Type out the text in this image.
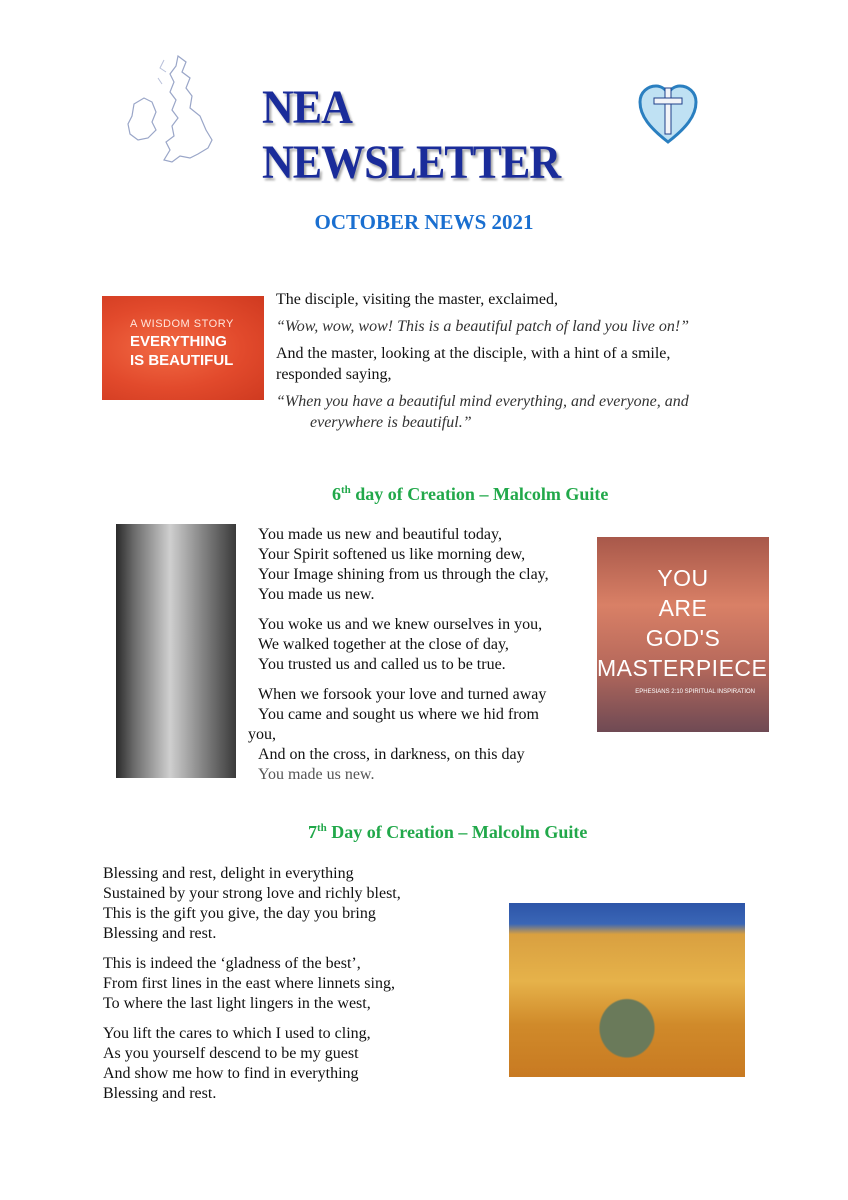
NEA NEWSLETTER
OCTOBER NEWS 2021
A WISDOM STORY
EVERYTHING
IS BEAUTIFUL

The disciple, visiting the master, exclaimed,

“Wow, wow, wow! This is a beautiful patch of land you live on!”

And the master, looking at the disciple, with a hint of a smile, responded saying,

“When you have a beautiful mind everything, and everyone, and
everywhere is beautiful.”

6th day of Creation – Malcolm Guite
You made us new and beautiful today,
Your Spirit softened us like morning dew,
Your Image shining from us through the clay,
You made us new.
You woke us and we knew ourselves in you,
We walked together at the close of day,
You trusted us and called us to be true.
When we forsook your love and turned away
You came and sought us where we hid from
you,
And on the cross, in darkness, on this day
You made us new.
YOU
ARE
GOD'S
MASTERPIECE.
EPHESIANS 2:10 SPIRITUAL INSPIRATION
7th Day of Creation – Malcolm Guite
Blessing and rest, delight in everything
Sustained by your strong love and richly blest,
This is the gift you give, the day you bring
Blessing and rest.
This is indeed the ‘gladness of the best’,
From first lines in the east where linnets sing,
To where the last light lingers in the west,
You lift the cares to which I used to cling,
As you yourself descend to be my guest
And show me how to find in everything
Blessing and rest.
